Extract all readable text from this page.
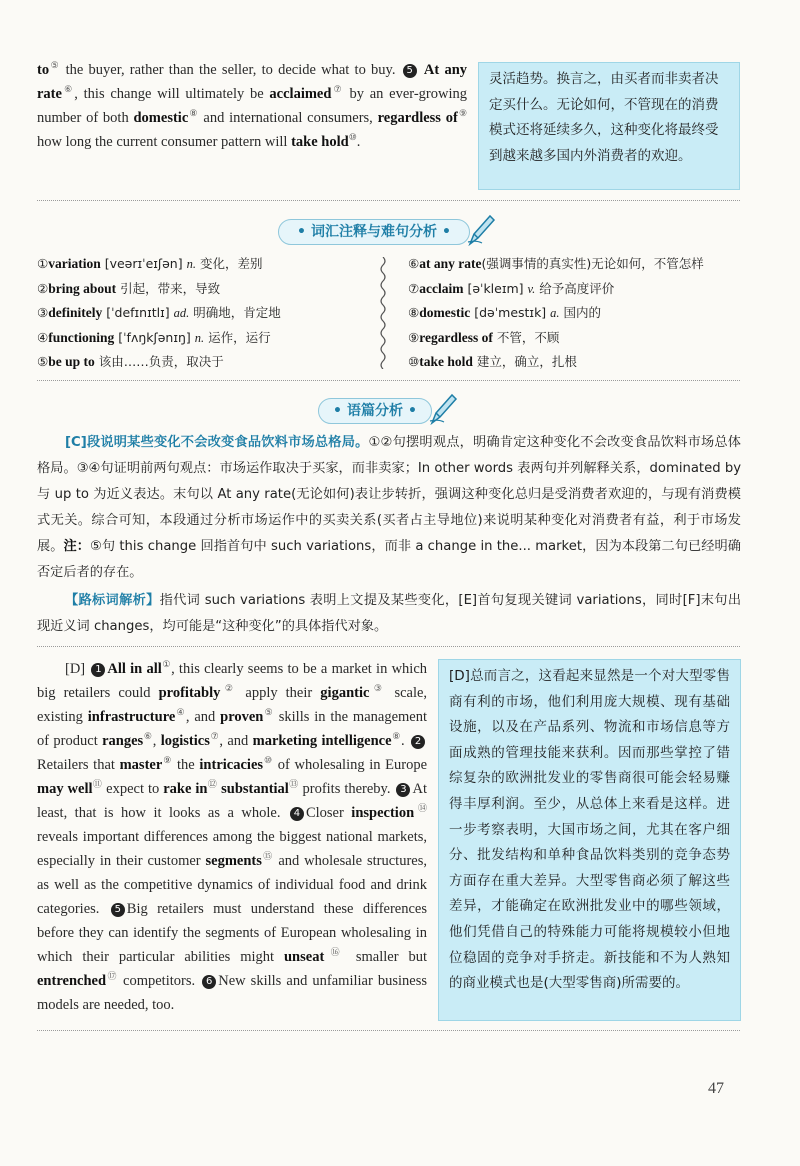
to⑤ the buyer, rather than the seller, to decide what to buy. 5 At any rate⑥, this change will ultimately be acclaimed⑦ by an ever-growing number of both domestic⑧ and international consumers, regardless of⑨ how long the current consumer pattern will take hold⑩.
灵活趋势。换言之，由买者而非卖者决定买什么。无论如何，不管现在的消费模式还将延续多久，这种变化将最终受到越来越多国内外消费者的欢迎。
• 词汇注释与难句分析 •
①variation [veərɪˈeɪʃən] n. 变化，差别
②bring about 引起，带来，导致
③definitely [ˈdefɪnɪtlɪ] ad. 明确地，肯定地
④functioning [ˈfʌŋkʃənɪŋ] n. 运作，运行
⑤be up to 该由……负责，取决于
⑥at any rate(强调事情的真实性)无论如何，不管怎样
⑦acclaim [əˈkleɪm] v. 给予高度评价
⑧domestic [dəˈmestɪk] a. 国内的
⑨regardless of 不管，不顾
⑩take hold 建立，确立，扎根
• 语篇分析 •
[C]段说明某些变化不会改变食品饮料市场总格局。①②句摆明观点，明确肯定这种变化不会改变食品饮料市场总体格局。③④句证明前两句观点：市场运作取决于买家，而非卖家；In other words 表两句并列解释关系，dominated by 与 up to 为近义表达。末句以 At any rate(无论如何)表让步转折，强调这种变化总归是受消费者欢迎的，与现有消费模式无关。综合可知，本段通过分析市场运作中的买卖关系(买者占主导地位)来说明某种变化对消费者有益，利于市场发展。注：⑤句 this change 回指首句中 such variations，而非 a change in the... market，因为本段第二句已经明确否定后者的存在。
【路标词解析】指代词 such variations 表明上文提及某些变化，[E]首句复现关键词 variations，同时[F]末句出现近义词 changes，均可能是“这种变化”的具体指代对象。
[D] 1 All in all①, this clearly seems to be a market in which big retailers could profitably② apply their gigantic③ scale, existing infrastructure④, and proven⑤ skills in the management of product ranges⑥, logistics⑦, and marketing intelligence⑧. 2Retailers that master⑨ the intricacies⑩ of wholesaling in Europe may well⑪ expect to rake in⑫ substantial⑬ profits thereby. 3 At least, that is how it looks as a whole. 4 Closer inspection⑭ reveals important differences among the biggest national markets, especially in their customer segments⑮ and wholesale structures, as well as the competitive dynamics of individual food and drink categories. 5 Big retailers must understand these differences before they can identify the segments of European wholesaling in which their particular abilities might unseat⑯ smaller but entrenched⑰ competitors. 6 New skills and unfamiliar business models are needed, too.
[D]总而言之，这看起来显然是一个对大型零售商有利的市场，他们利用庞大规模、现有基础设施，以及在产品系列、物流和市场信息等方面成熟的管理技能来获利。因而那些掌控了错综复杂的欧洲批发业的零售商很可能会轻易赚得丰厚利润。至少，从总体上来看是这样。进一步考察表明，大国市场之间，尤其在客户细分、批发结构和单种食品饮料类别的竞争态势方面存在重大差异。大型零售商必须了解这些差异，才能确定在欧洲批发业中的哪些领域，他们凭借自己的特殊能力可能将规模较小但地位稳固的竞争对手挤走。新技能和不为人熟知的商业模式也是(大型零售商)所需要的。
47
